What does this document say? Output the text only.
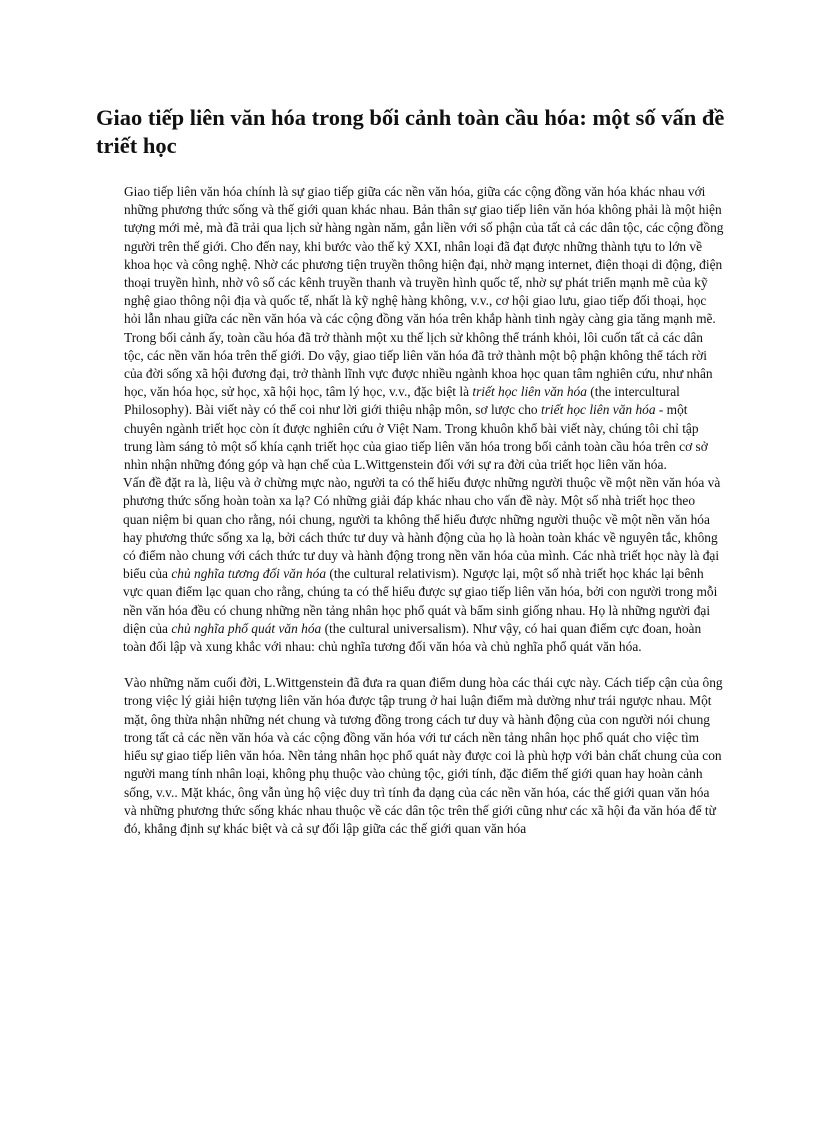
Giao tiếp liên văn hóa trong bối cảnh toàn cầu hóa: một số vấn đề triết học

Giao tiếp liên văn hóa chính là sự giao tiếp giữa các nền văn hóa, giữa các cộng đồng văn hóa khác nhau với những phương thức sống và thế giới quan khác nhau. Bản thân sự giao tiếp liên văn hóa không phải là một hiện tượng mới mẻ, mà đã trải qua lịch sử hàng ngàn năm, gắn liền với số phận của tất cả các dân tộc, các cộng đồng người trên thế giới. Cho đến nay, khi bước vào thế kỷ XXI, nhân loại đã đạt được những thành tựu to lớn về khoa học và công nghệ. Nhờ các phương tiện truyền thông hiện đại, nhờ mạng internet, điện thoại di động, điện thoại truyền hình, nhờ vô số các kênh truyền thanh và truyền hình quốc tế, nhờ sự phát triển mạnh mẽ của kỹ nghệ giao thông nội địa và quốc tế, nhất là kỹ nghệ hàng không, v.v., cơ hội giao lưu, giao tiếp đối thoại, học hỏi lẫn nhau giữa các nền văn hóa và các cộng đồng văn hóa trên khắp hành tinh ngày càng gia tăng mạnh mẽ. Trong bối cảnh ấy, toàn cầu hóa đã trở thành một xu thế lịch sử không thể tránh khỏi, lôi cuốn tất cả các dân tộc, các nền văn hóa trên thế giới. Do vậy, giao tiếp liên văn hóa đã trở thành một bộ phận không thể tách rời của đời sống xã hội đương đại, trở thành lĩnh vực được nhiều ngành khoa học quan tâm nghiên cứu, như nhân học, văn hóa học, sử học, xã hội học, tâm lý học, v.v., đặc biệt là triết học liên văn hóa (the intercultural Philosophy). Bài viết này có thể coi như lời giới thiệu nhập môn, sơ lược cho triết học liên văn hóa - một chuyên ngành triết học còn ít được nghiên cứu ở Việt Nam. Trong khuôn khổ bài viết này, chúng tôi chỉ tập trung làm sáng tỏ một số khía cạnh triết học của giao tiếp liên văn hóa trong bối cảnh toàn cầu hóa trên cơ sở nhìn nhận những đóng góp và hạn chế của L.Wittgenstein đối với sự ra đời của triết học liên văn hóa.

Vấn đề đặt ra là, liệu và ở chừng mực nào, người ta có thể hiểu được những người thuộc về một nền văn hóa và phương thức sống hoàn toàn xa lạ? Có những giải đáp khác nhau cho vấn đề này. Một số nhà triết học theo quan niệm bi quan cho rằng, nói chung, người ta không thể hiểu được những người thuộc về một nền văn hóa hay phương thức sống xa lạ, bởi cách thức tư duy và hành động của họ là hoàn toàn khác về nguyên tắc, không có điểm nào chung với cách thức tư duy và hành động trong nền văn hóa của mình. Các nhà triết học này là đại biểu của chủ nghĩa tương đối văn hóa (the cultural relativism). Ngược lại, một số nhà triết học khác lại bênh vực quan điểm lạc quan cho rằng, chúng ta có thể hiểu được sự giao tiếp liên văn hóa, bởi con người trong mỗi nền văn hóa đều có chung những nền tảng nhân học phổ quát và bẩm sinh giống nhau. Họ là những người đại diện của chủ nghĩa phổ quát văn hóa (the cultural universalism). Như vậy, có hai quan điểm cực đoan, hoàn toàn đối lập và xung khắc với nhau: chủ nghĩa tương đối văn hóa và chủ nghĩa phổ quát văn hóa.

Vào những năm cuối đời, L.Wittgenstein đã đưa ra quan điểm dung hòa các thái cực này. Cách tiếp cận của ông trong việc lý giải hiện tượng liên văn hóa được tập trung ở hai luận điểm mà dường như trái ngược nhau. Một mặt, ông thừa nhận những nét chung và tương đồng trong cách tư duy và hành động của con người nói chung trong tất cả các nền văn hóa và các cộng đồng văn hóa với tư cách nền tảng nhân học phổ quát cho việc tìm hiểu sự giao tiếp liên văn hóa. Nền tảng nhân học phổ quát này được coi là phù hợp với bản chất chung của con người mang tính nhân loại, không phụ thuộc vào chủng tộc, giới tính, đặc điểm thế giới quan hay hoàn cảnh sống, v.v.. Mặt khác, ông vẫn ủng hộ việc duy trì tính đa dạng của các nền văn hóa, các thế giới quan văn hóa và những phương thức sống khác nhau thuộc về các dân tộc trên thế giới cũng như các xã hội đa văn hóa để từ đó, khẳng định sự khác biệt và cả sự đối lập giữa các thế giới quan văn hóa
